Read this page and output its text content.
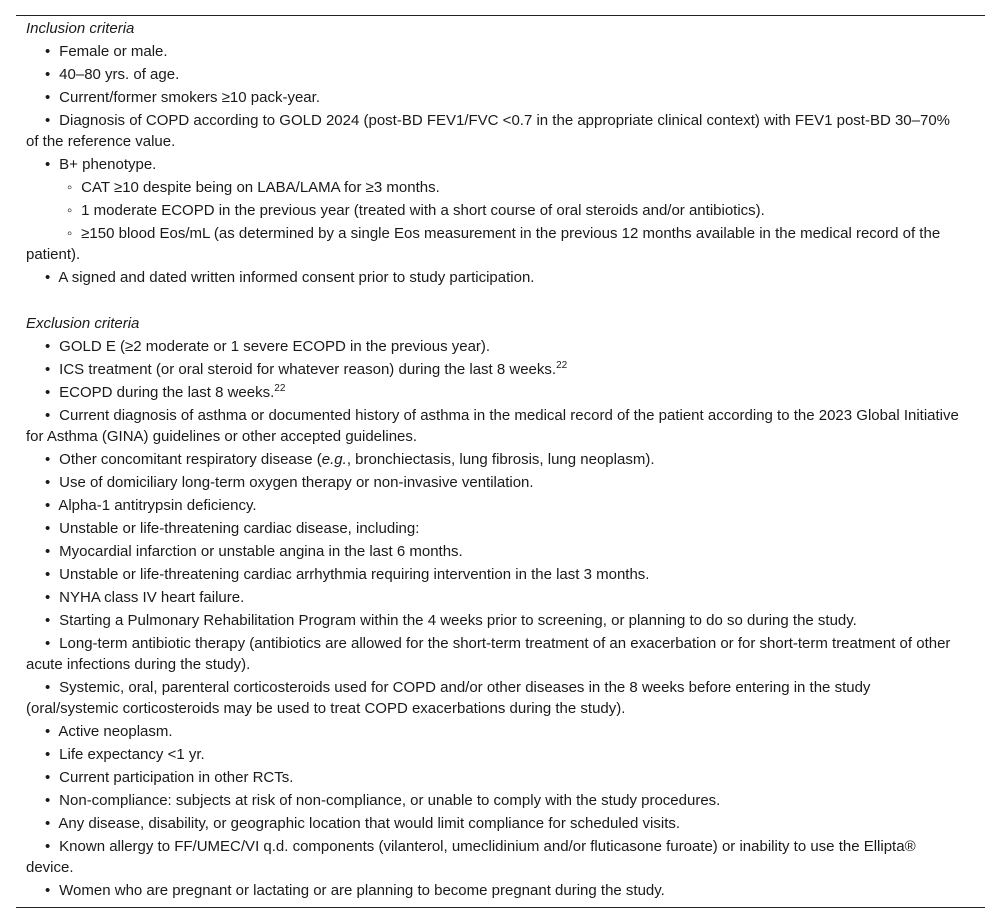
Inclusion criteria
• Female or male.
• 40–80 yrs. of age.
• Current/former smokers ≥10 pack-year.
• Diagnosis of COPD according to GOLD 2024 (post-BD FEV1/FVC <0.7 in the appropriate clinical context) with FEV1 post-BD 30–70% of the reference value.
• B+ phenotype.
◦ CAT ≥10 despite being on LABA/LAMA for ≥3 months.
◦ 1 moderate ECOPD in the previous year (treated with a short course of oral steroids and/or antibiotics).
◦ ≥150 blood Eos/mL (as determined by a single Eos measurement in the previous 12 months available in the medical record of the patient).
• A signed and dated written informed consent prior to study participation.
Exclusion criteria
• GOLD E (≥2 moderate or 1 severe ECOPD in the previous year).
• ICS treatment (or oral steroid for whatever reason) during the last 8 weeks.$^{22}$
• ECOPD during the last 8 weeks.$^{22}$
• Current diagnosis of asthma or documented history of asthma in the medical record of the patient according to the 2023 Global Initiative for Asthma (GINA) guidelines or other accepted guidelines.
• Other concomitant respiratory disease (e.g., bronchiectasis, lung fibrosis, lung neoplasm).
• Use of domiciliary long-term oxygen therapy or non-invasive ventilation.
• Alpha-1 antitrypsin deficiency.
• Unstable or life-threatening cardiac disease, including:
• Myocardial infarction or unstable angina in the last 6 months.
• Unstable or life-threatening cardiac arrhythmia requiring intervention in the last 3 months.
• NYHA class IV heart failure.
• Starting a Pulmonary Rehabilitation Program within the 4 weeks prior to screening, or planning to do so during the study.
• Long-term antibiotic therapy (antibiotics are allowed for the short-term treatment of an exacerbation or for short-term treatment of other acute infections during the study).
• Systemic, oral, parenteral corticosteroids used for COPD and/or other diseases in the 8 weeks before entering in the study (oral/systemic corticosteroids may be used to treat COPD exacerbations during the study).
• Active neoplasm.
• Life expectancy <1 yr.
• Current participation in other RCTs.
• Non-compliance: subjects at risk of non-compliance, or unable to comply with the study procedures.
• Any disease, disability, or geographic location that would limit compliance for scheduled visits.
• Known allergy to FF/UMEC/VI q.d. components (vilanterol, umeclidinium and/or fluticasone furoate) or inability to use the Ellipta® device.
• Women who are pregnant or lactating or are planning to become pregnant during the study.
